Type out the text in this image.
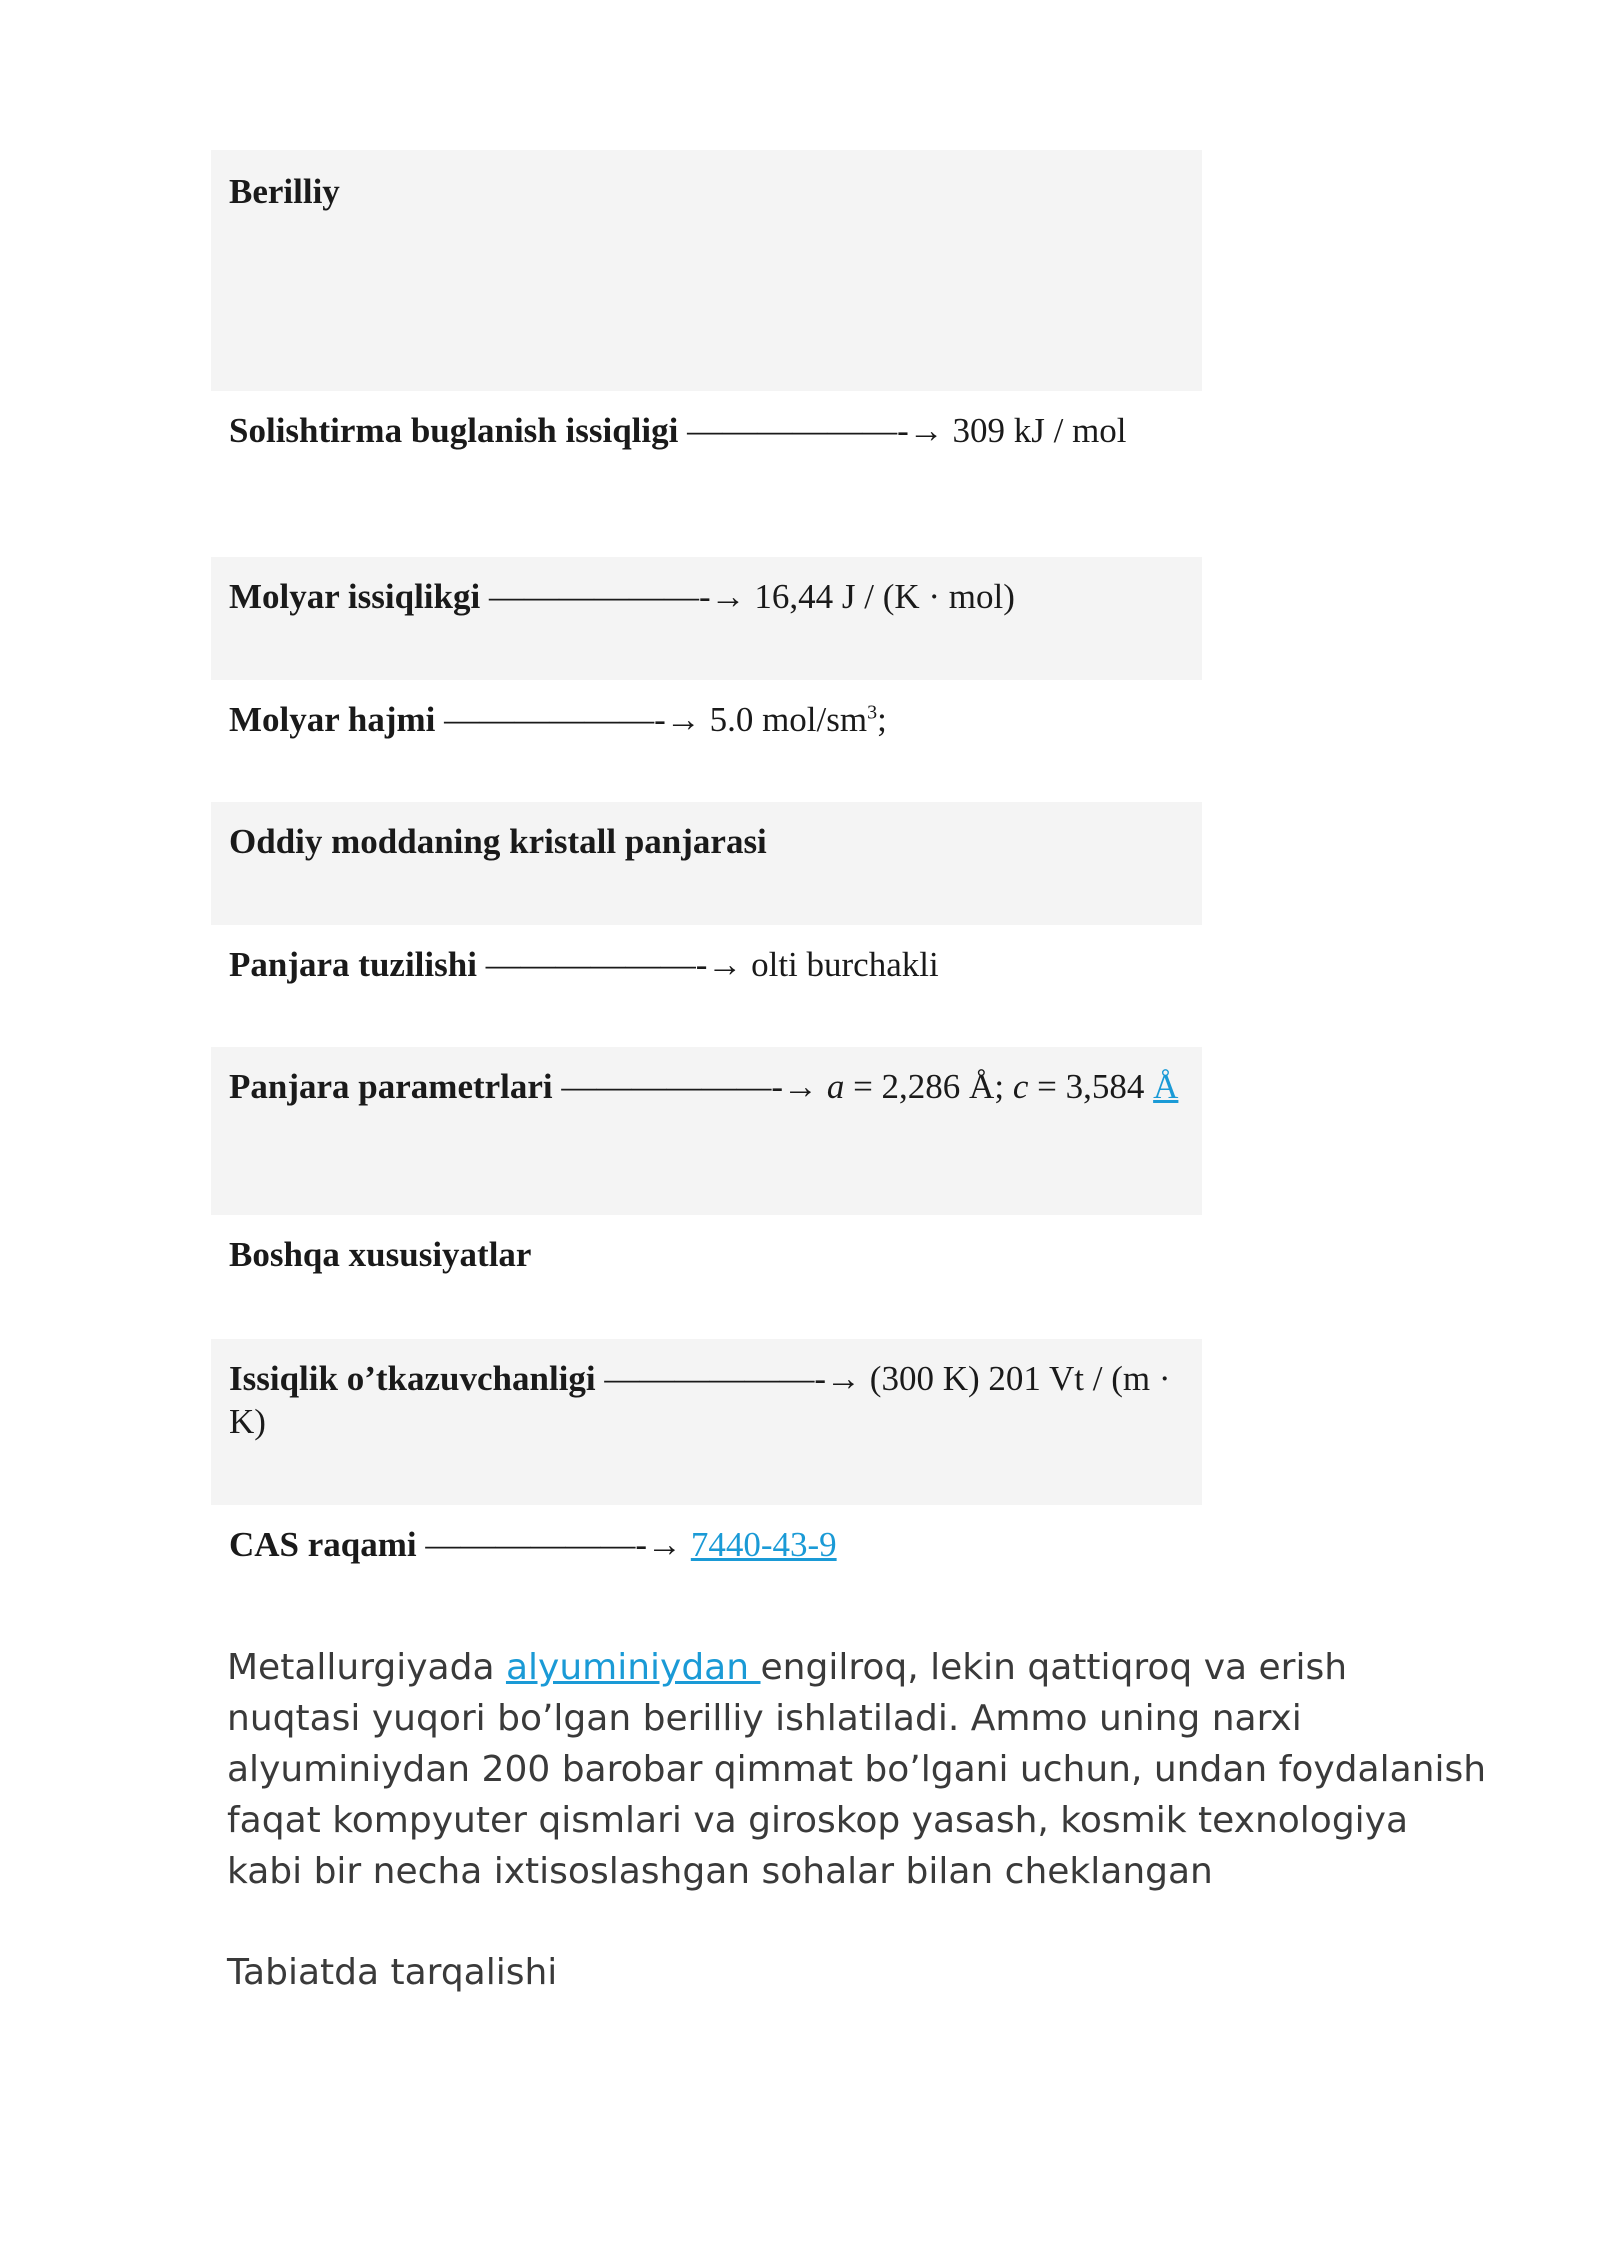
Berilliy
Solishtirma buglanish issiqligi ——————-→ 309 kJ / mol
Molyar issiqlikgi ——————-→ 16,44 J / (K · mol)
Molyar hajmi ——————-→ 5.0 mol/$sm^3$;
Oddiy moddaning kristall panjarasi
Panjara tuzilishi ——————-→ olti burchakli
Panjara parametrlari ——————-→ a = 2,286 Å; c = 3,584 Å
Boshqa xususiyatlar
Issiqlik o’tkazuvchanligi ——————-→ (300 K) 201 Vt / (m · K)
CAS raqami ——————-→ 7440-43-9
Metallurgiyada alyuminiydan engilroq, lekin qattiqroq va erish nuqtasi yuqori bo’lgan berilliy ishlatiladi. Ammo uning narxi alyuminiydan 200 barobar qimmat bo’lgani uchun, undan foydalanish faqat kompyuter qismlari va giroskop yasash, kosmik texnologiya kabi bir necha ixtisoslashgan sohalar bilan cheklangan
Tabiatda tarqalishi
